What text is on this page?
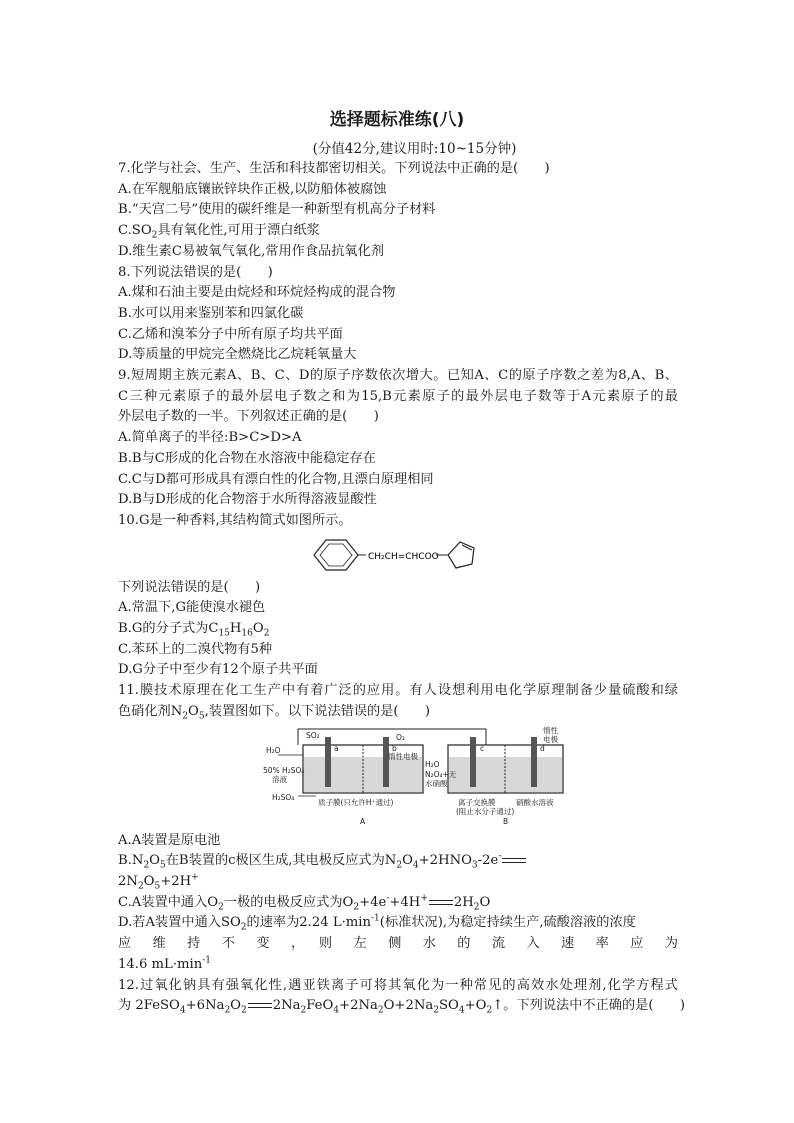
选择题标准练(八)
(分值42分,建议用时:10~15分钟)
7.化学与社会、生产、生活和科技都密切相关。下列说法中正确的是(　　)
A.在军舰船底镶嵌锌块作正极,以防船体被腐蚀
B.“天宫二号”使用的碳纤维是一种新型有机高分子材料
$C.SO_2$具有氧化性,可用于漂白纸浆
D.维生素C易被氧气氧化,常用作食品抗氧化剂
8.下列说法错误的是(　　)
A.煤和石油主要是由烷烃和环烷烃构成的混合物
B.水可以用来鉴别苯和四氯化碳
C.乙烯和溴苯分子中所有原子均共平面
D.等质量的甲烷完全燃烧比乙烷耗氧量大
9.短周期主族元素A、B、C、D的原子序数依次增大。已知A、C的原子序数之差为8,A、B、
C三种元素原子的最外层电子数之和为15,B元素原子的最外层电子数等于A元素原子的最
外层电子数的一半。下列叙述正确的是(　　)
A.简单离子的半径:B>C>D>A
B.B与C形成的化合物在水溶液中能稳定存在
C.C与D都可形成具有漂白性的化合物,且漂白原理相同
D.B与D形成的化合物溶于水所得溶液显酸性
10.G是一种香料,其结构简式如图所示。
CH₂CH=CHCOO
下列说法错误的是(　　)
A.常温下,G能使溴水褪色
B.G的分子式为$C_{15}H_{16}O_2$
C.苯环上的二溴代物有5种
D.G分子中至少有12个原子共平面
11.膜技术原理在化工生产中有着广泛的应用。有人设想利用电化学原理制备少量硫酸和绿
色硝化剂$N_2O_5$,装置图如下。以下说法错误的是(　　)
SO₂
H₂O	a	b
O₂
50% H₂SO₄
溶液
H₂SO₄
H₂O
质子膜(只允许H⁺通过)
A
c	d
惰性电极
惰性
电极
N₂O₄+无
水硝酸
离子交换膜
(阻止水分子通过)
硝酸水溶液
B
A.A装置是原电池
$B.N_2O_5$在B装置的c极区生成,其电极反应式为$N_2O_4+2HNO_3-2e^-$
$2N_2O_5+2H^+$
C.A装置中通入$O_2$一极的电极反应式为$O_2+4e^-+4H^+$ $2H_2O$
D.若A装置中通入$SO_2$的速率为2.24 $L\cdot\min^{-1}$(标准状况),为稳定持续生产,硫酸溶液的浓度
应　维　持　不　变　，　则　左　侧　水　的　流　入　速　率　应　为
14.6 $mL\cdot\min^{-1}$
12.过氧化钠具有强氧化性,遇亚铁离子可将其氧化为一种常见的高效水处理剂,化学方程式
为 $2FeSO_4+6Na_2O_2$ $2Na_2FeO_4+2Na_2O+2Na_2SO_4+O_2↑$。下列说法中不正确的是(　　)
